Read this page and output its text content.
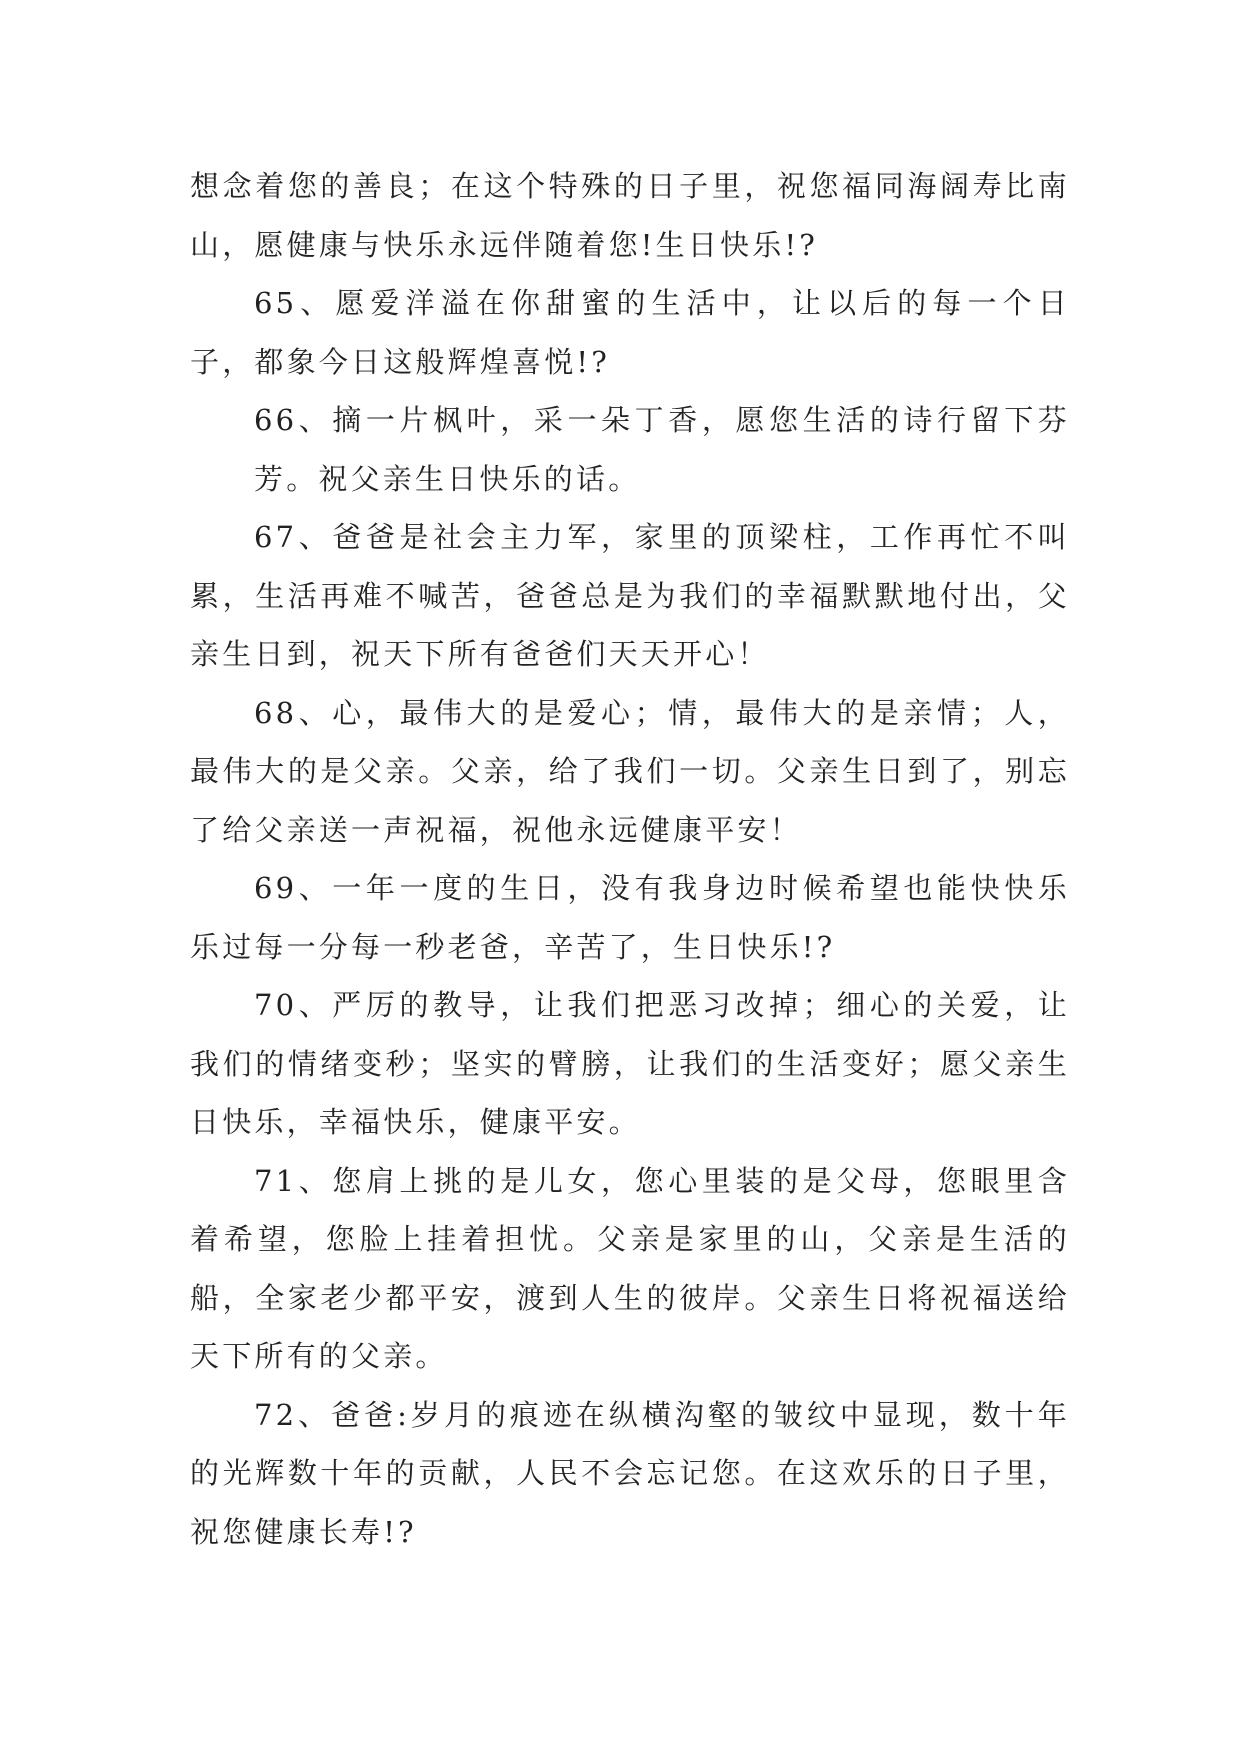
想念着您的善良；在这个特殊的日子里，祝您福同海阔寿比南山，愿健康与快乐永远伴随着您!生日快乐!?

65、愿爱洋溢在你甜蜜的生活中，让以后的每一个日子，都象今日这般辉煌喜悦!?

66、摘一片枫叶，采一朵丁香，愿您生活的诗行留下芬芳。祝父亲生日快乐的话。

67、爸爸是社会主力军，家里的顶梁柱，工作再忙不叫累，生活再难不喊苦，爸爸总是为我们的幸福默默地付出，父亲生日到，祝天下所有爸爸们天天开心！

68、心，最伟大的是爱心；情，最伟大的是亲情；人，最伟大的是父亲。父亲，给了我们一切。父亲生日到了，别忘了给父亲送一声祝福，祝他永远健康平安！

69、一年一度的生日，没有我身边时候希望也能快快乐乐过每一分每一秒老爸，辛苦了，生日快乐!?

70、严厉的教导，让我们把恶习改掉；细心的关爱，让我们的情绪变秒；坚实的臂膀，让我们的生活变好；愿父亲生日快乐，幸福快乐，健康平安。

71、您肩上挑的是儿女，您心里装的是父母，您眼里含着希望，您脸上挂着担忧。父亲是家里的山，父亲是生活的船，全家老少都平安，渡到人生的彼岸。父亲生日将祝福送给天下所有的父亲。

72、爸爸:岁月的痕迹在纵横沟壑的皱纹中显现，数十年的光辉数十年的贡献，人民不会忘记您。在这欢乐的日子里，祝您健康长寿!?
